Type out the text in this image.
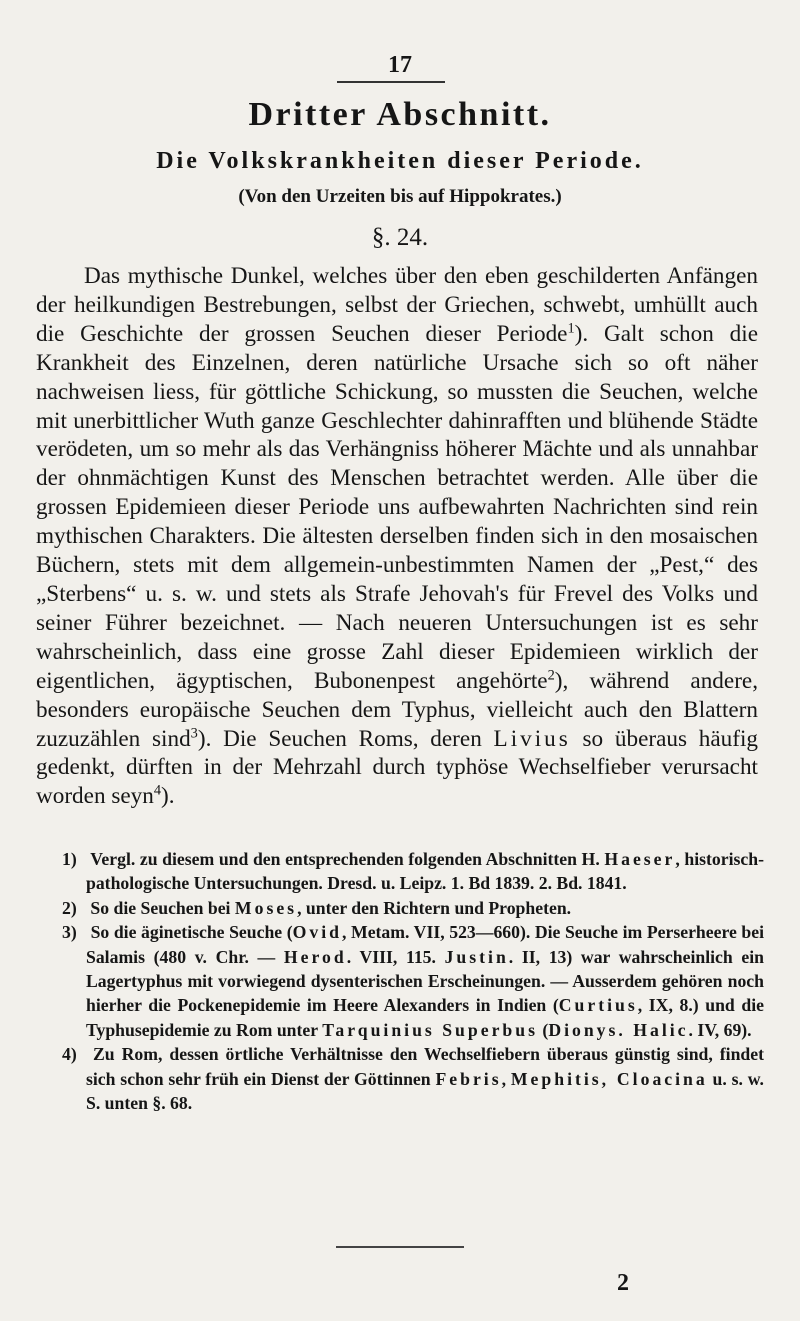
17
Dritter Abschnitt.
Die Volkskrankheiten dieser Periode.
(Von den Urzeiten bis auf Hippokrates.)
§. 24.

Das mythische Dunkel, welches über den eben geschilderten Anfängen der heilkundigen Bestrebungen, selbst der Griechen, schwebt, umhüllt auch die Geschichte der grossen Seuchen dieser Periode$^1$). Galt schon die Krankheit des Einzelnen, deren natürliche Ursache sich so oft näher nachweisen liess, für göttliche Schickung, so mussten die Seuchen, welche mit unerbittlicher Wuth ganze Geschlechter dahinrafften und blühende Städte verödeten, um so mehr als das Verhängniss höherer Mächte und als unnahbar der ohnmächtigen Kunst des Menschen betrachtet werden. Alle über die grossen Epidemieen dieser Periode uns aufbewahrten Nachrichten sind rein mythischen Charakters. Die ältesten derselben finden sich in den mosaischen Büchern, stets mit dem allgemein-unbestimmten Namen der „Pest,“ des „Sterbens“ u. s. w. und stets als Strafe Jehovah's für Frevel des Volks und seiner Führer bezeichnet. — Nach neueren Untersuchungen ist es sehr wahrscheinlich, dass eine grosse Zahl dieser Epidemieen wirklich der eigentlichen, ägyptischen, Bubonenpest angehörte$^2$), während andere, besonders europäische Seuchen dem Typhus, vielleicht auch den Blattern zuzuzählen sind$^3$). Die Seuchen Roms, deren Livius so überaus häufig gedenkt, dürften in der Mehrzahl durch typhöse Wechselfieber verursacht worden seyn$^4$).

1) Vergl. zu diesem und den entsprechenden folgenden Abschnitten H. Haeser, historisch-pathologische Untersuchungen. Dresd. u. Leipz. 1. Bd 1839. 2. Bd. 1841.

2) So die Seuchen bei Moses, unter den Richtern und Propheten.

3) So die äginetische Seuche (Ovid, Metam. VII, 523—660). Die Seuche im Perserheere bei Salamis (480 v. Chr. — Herod. VIII, 115. Justin. II, 13) war wahrscheinlich ein Lagertyphus mit vorwiegend dysenterischen Erscheinungen. — Ausserdem gehören noch hierher die Pockenepidemie im Heere Alexanders in Indien (Curtius, IX, 8.) und die Typhusepidemie zu Rom unter Tarquinius Superbus (Dionys. Halic. IV, 69).

4) Zu Rom, dessen örtliche Verhältnisse den Wechselfiebern überaus günstig sind, findet sich schon sehr früh ein Dienst der Göttinnen Febris, Mephitis, Cloacina u. s. w. S. unten §. 68.

2
